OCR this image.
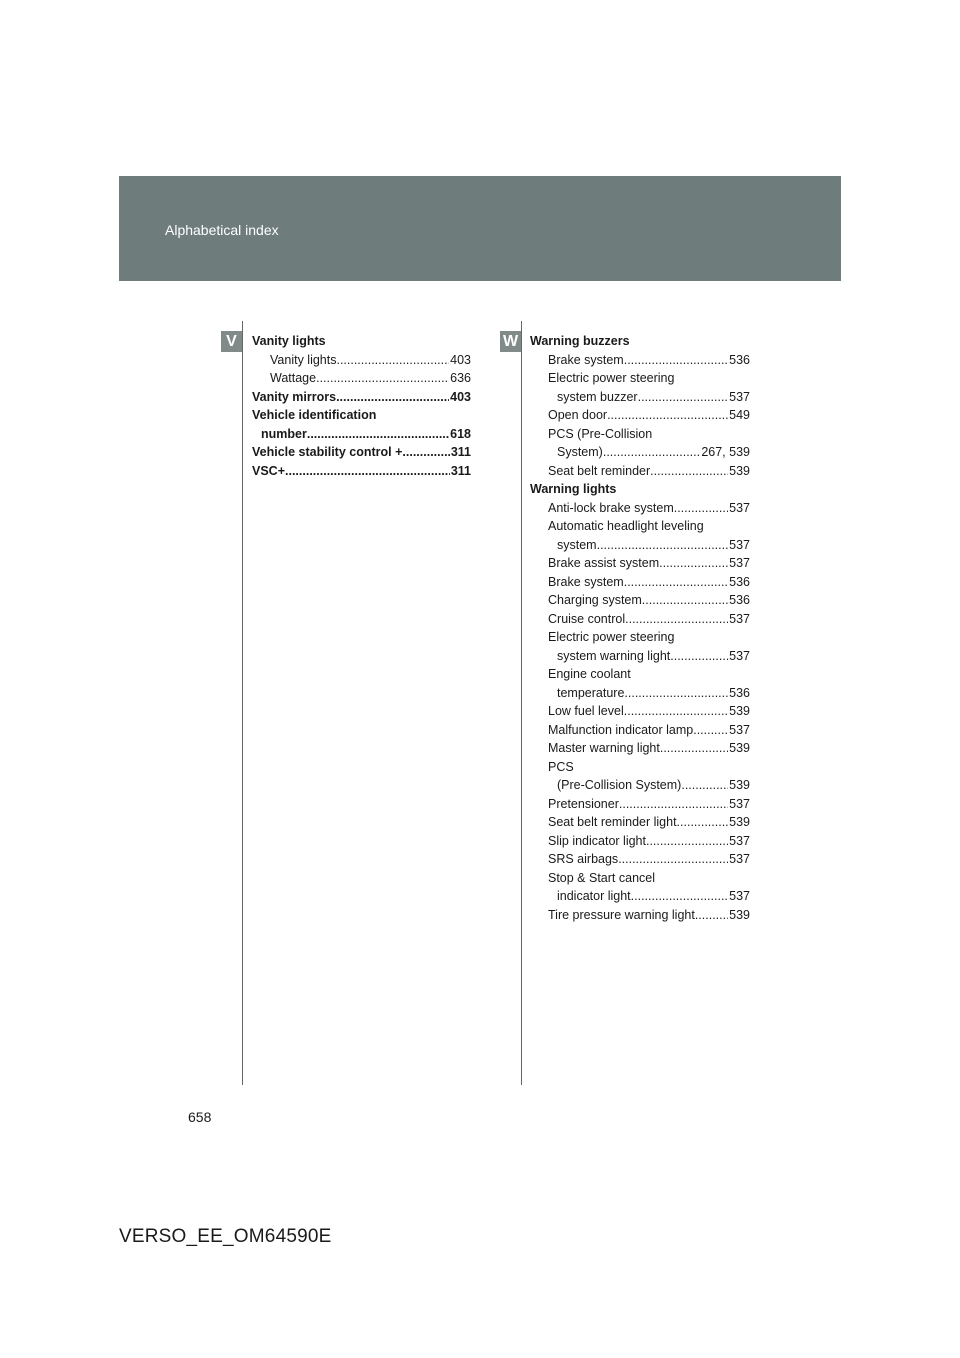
Alphabetical index
V	W
Vanity lights
Vanity lights .....	403
Wattage .....	636
Vanity mirrors .....	403
Vehicle identification
number .....	618
Vehicle stability control + .....	311
VSC+ .....	311
Warning buzzers
Brake system .....	536
Electric power steering
system buzzer .....	537
Open door .....	549
PCS (Pre-Collision
System) .....	267, 539
Seat belt reminder .....	539
Warning lights
Anti-lock brake system .....	537
Automatic headlight leveling
system .....	537
Brake assist system .....	537
Brake system .....	536
Charging system .....	536
Cruise control .....	537
Electric power steering
system warning light .....	537
Engine coolant
temperature .....	536
Low fuel level .....	539
Malfunction indicator lamp .....	537
Master warning light .....	539
PCS
(Pre-Collision System) .....	539
Pretensioner .....	537
Seat belt reminder light .....	539
Slip indicator light .....	537
SRS airbags .....	537
Stop & Start cancel
indicator light .....	537
Tire pressure warning light .....	539
658
VERSO_EE_OM64590E
